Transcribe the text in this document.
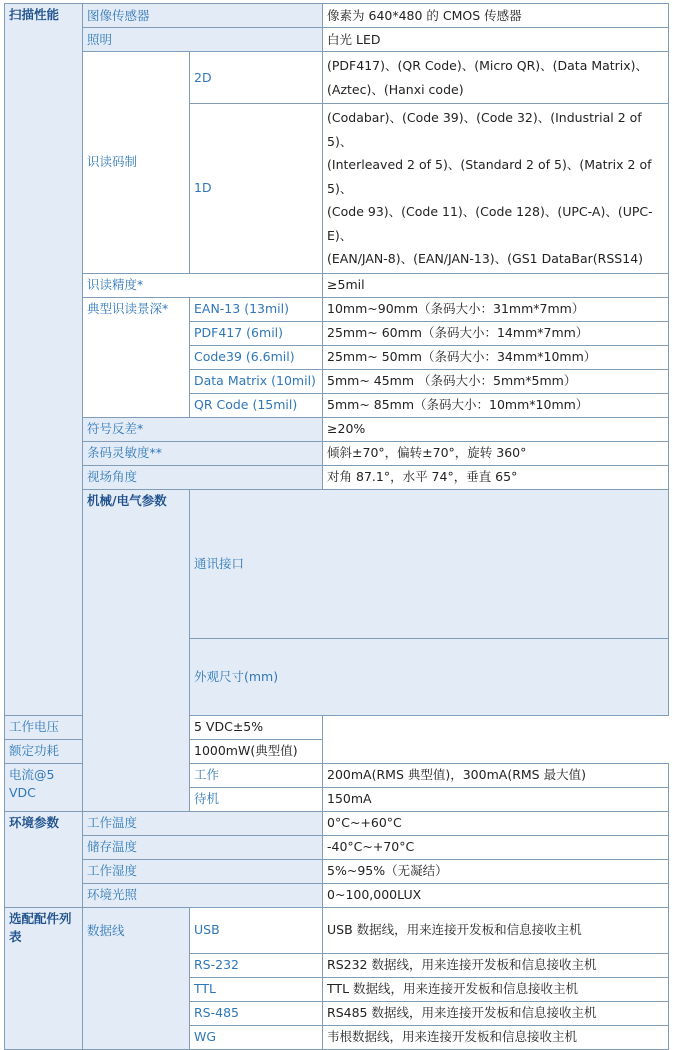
扫描性能	图像传感器		像素为 640*480 的 CMOS 传感器	
	照明		白光 LED	
	识读码制	2D	(PDF417)、(QR Code)、(Micro QR)、(Data Matrix)、
(Aztec)、(Hanxi code)	

		1D	(Codabar)、(Code 39)、(Code 32)、(Industrial 2 of 5)、
(Interleaved 2 of 5)、(Standard 2 of 5)、(Matrix 2 of 5)、
(Code 93)、(Code 11)、(Code 128)、(UPC-A)、(UPC-E)、
(EAN/JAN-8)、(EAN/JAN-13)、(GS1 DataBar(RSS14)	

	识读精度*		≥5mil	
	典型识读景深*	EAN-13 (13mil)	10mm~90mm（条码大小：31mm*7mm）	
		PDF417 (6mil)	25mm~ 60mm（条码大小：14mm*7mm）	
		Code39 (6.6mil)	25mm~ 50mm（条码大小：34mm*10mm）	
		Data Matrix (10mil)	5mm~ 45mm （条码大小：5mm*5mm）	
		QR Code (15mil)	5mm~ 85mm（条码大小：10mm*10mm）	
	符号反差*		≥20%	
	条码灵敏度**		倾斜±70°，偏转±70°，旋转 360°	
	视场角度		对角 87.1°，水平 74°，垂直 65°	
	机械/电气参数	通讯接口	
		外观尺寸(mm)	
工作电压		5 VDC±5%		
额定功耗		1000mW(典型值)		
电流@5 VDC		工作	200mA(RMS 典型值)，300mA(RMS 最大值)	
		待机	150mA	
环境参数	工作温度		0°C~+60°C	
	储存温度		-40°C~+70°C	
	工作湿度		5%~95%（无凝结）	
	环境光照		0~100,000LUX	
选配配件列表	数据线	USB	USB 数据线，用来连接开发板和信息接收主机	
		RS-232	RS232 数据线，用来连接开发板和信息接收主机	
		TTL	TTL 数据线，用来连接开发板和信息接收主机	
		RS-485	RS485 数据线，用来连接开发板和信息接收主机	
		WG	韦根数据线，用来连接开发板和信息接收主机	
